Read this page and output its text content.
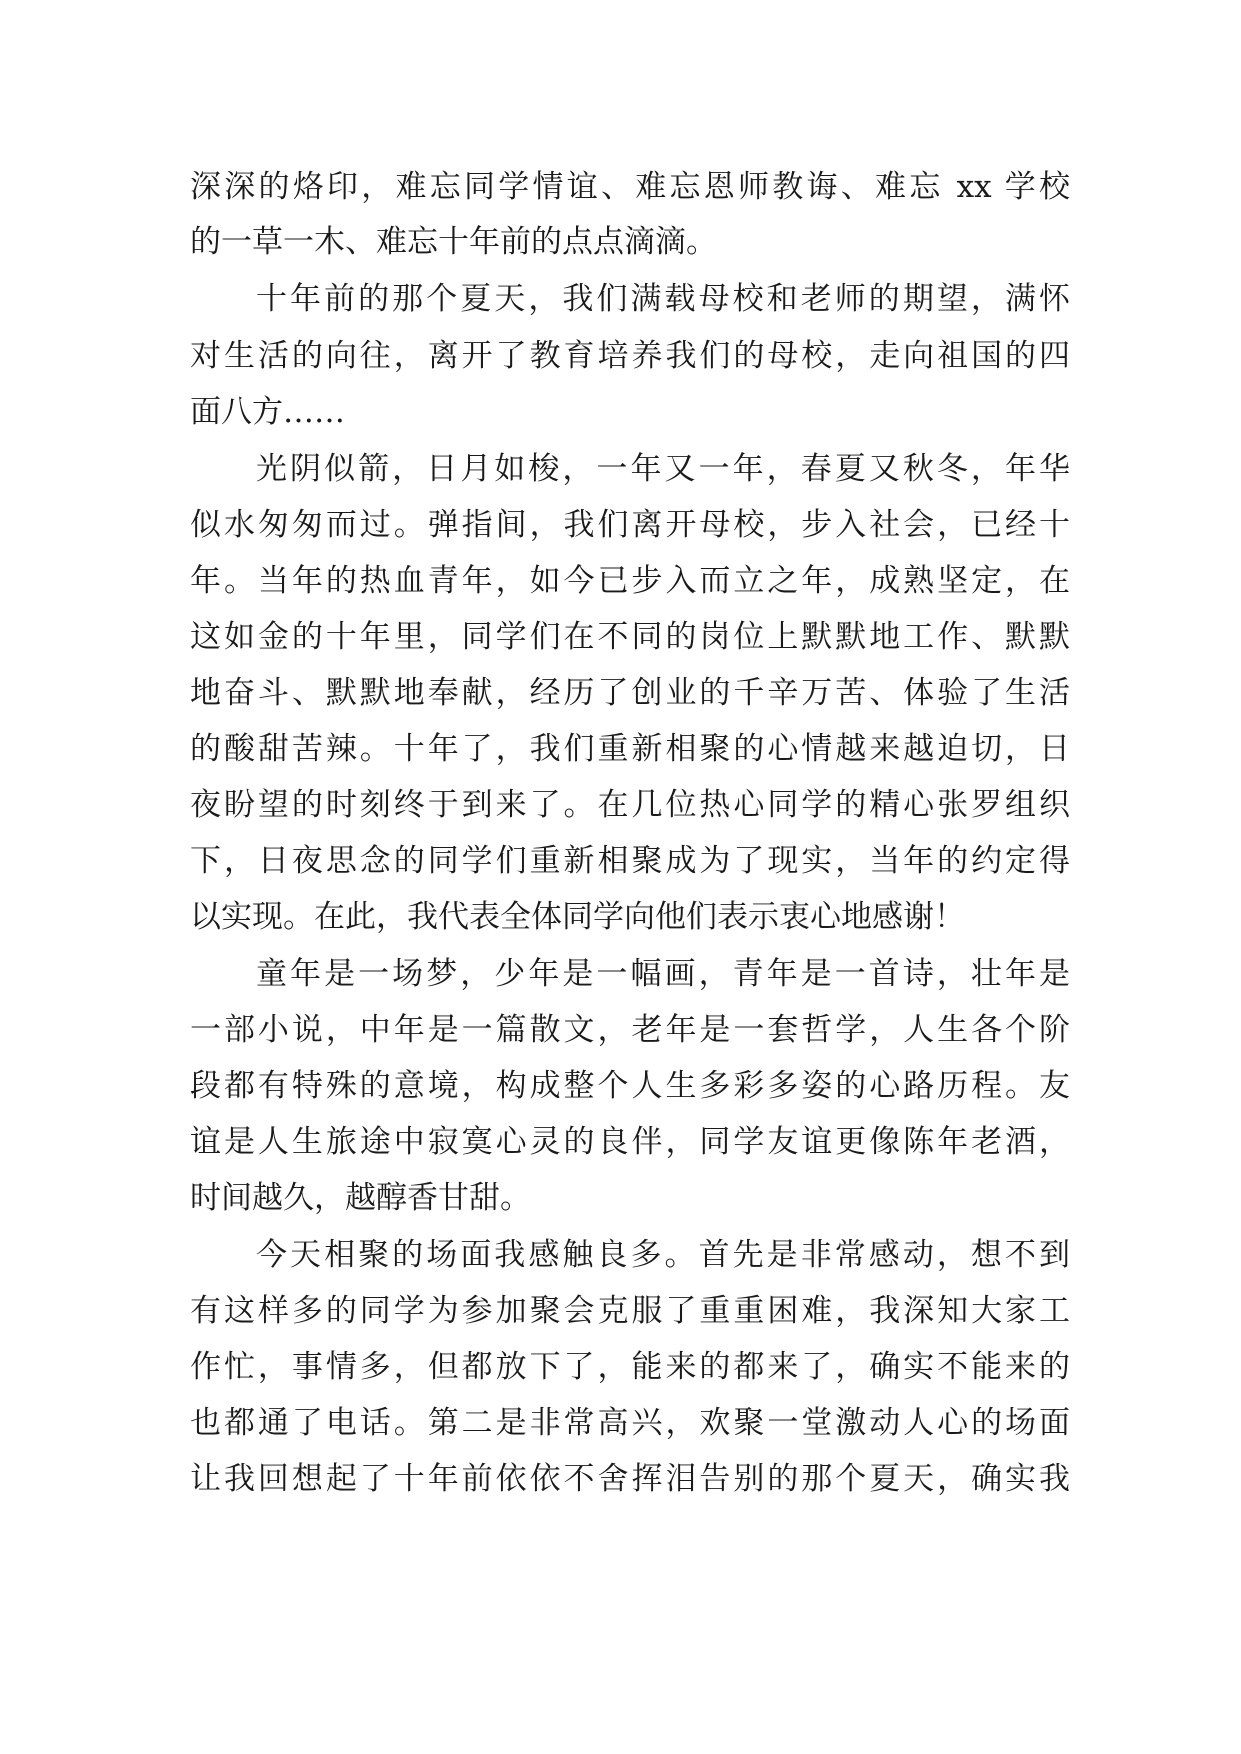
深深的烙印，难忘同学情谊、难忘恩师教诲、难忘 xx 学校
的一草一木、难忘十年前的点点滴滴。
十年前的那个夏天，我们满载母校和老师的期望，满怀
对生活的向往，离开了教育培养我们的母校，走向祖国的四
面八方……
光阴似箭，日月如梭，一年又一年，春夏又秋冬，年华
似水匆匆而过。弹指间，我们离开母校，步入社会，已经十
年。当年的热血青年，如今已步入而立之年，成熟坚定，在
这如金的十年里，同学们在不同的岗位上默默地工作、默默
地奋斗、默默地奉献，经历了创业的千辛万苦、体验了生活
的酸甜苦辣。十年了，我们重新相聚的心情越来越迫切，日
夜盼望的时刻终于到来了。在几位热心同学的精心张罗组织
下，日夜思念的同学们重新相聚成为了现实，当年的约定得
以实现。在此，我代表全体同学向他们表示衷心地感谢！
童年是一场梦，少年是一幅画，青年是一首诗，壮年是
一部小说，中年是一篇散文，老年是一套哲学，人生各个阶
段都有特殊的意境，构成整个人生多彩多姿的心路历程。友
谊是人生旅途中寂寞心灵的良伴，同学友谊更像陈年老酒，
时间越久，越醇香甘甜。
今天相聚的场面我感触良多。首先是非常感动，想不到
有这样多的同学为参加聚会克服了重重困难，我深知大家工
作忙，事情多，但都放下了，能来的都来了，确实不能来的
也都通了电话。第二是非常高兴，欢聚一堂激动人心的场面
让我回想起了十年前依依不舍挥泪告别的那个夏天，确实我
